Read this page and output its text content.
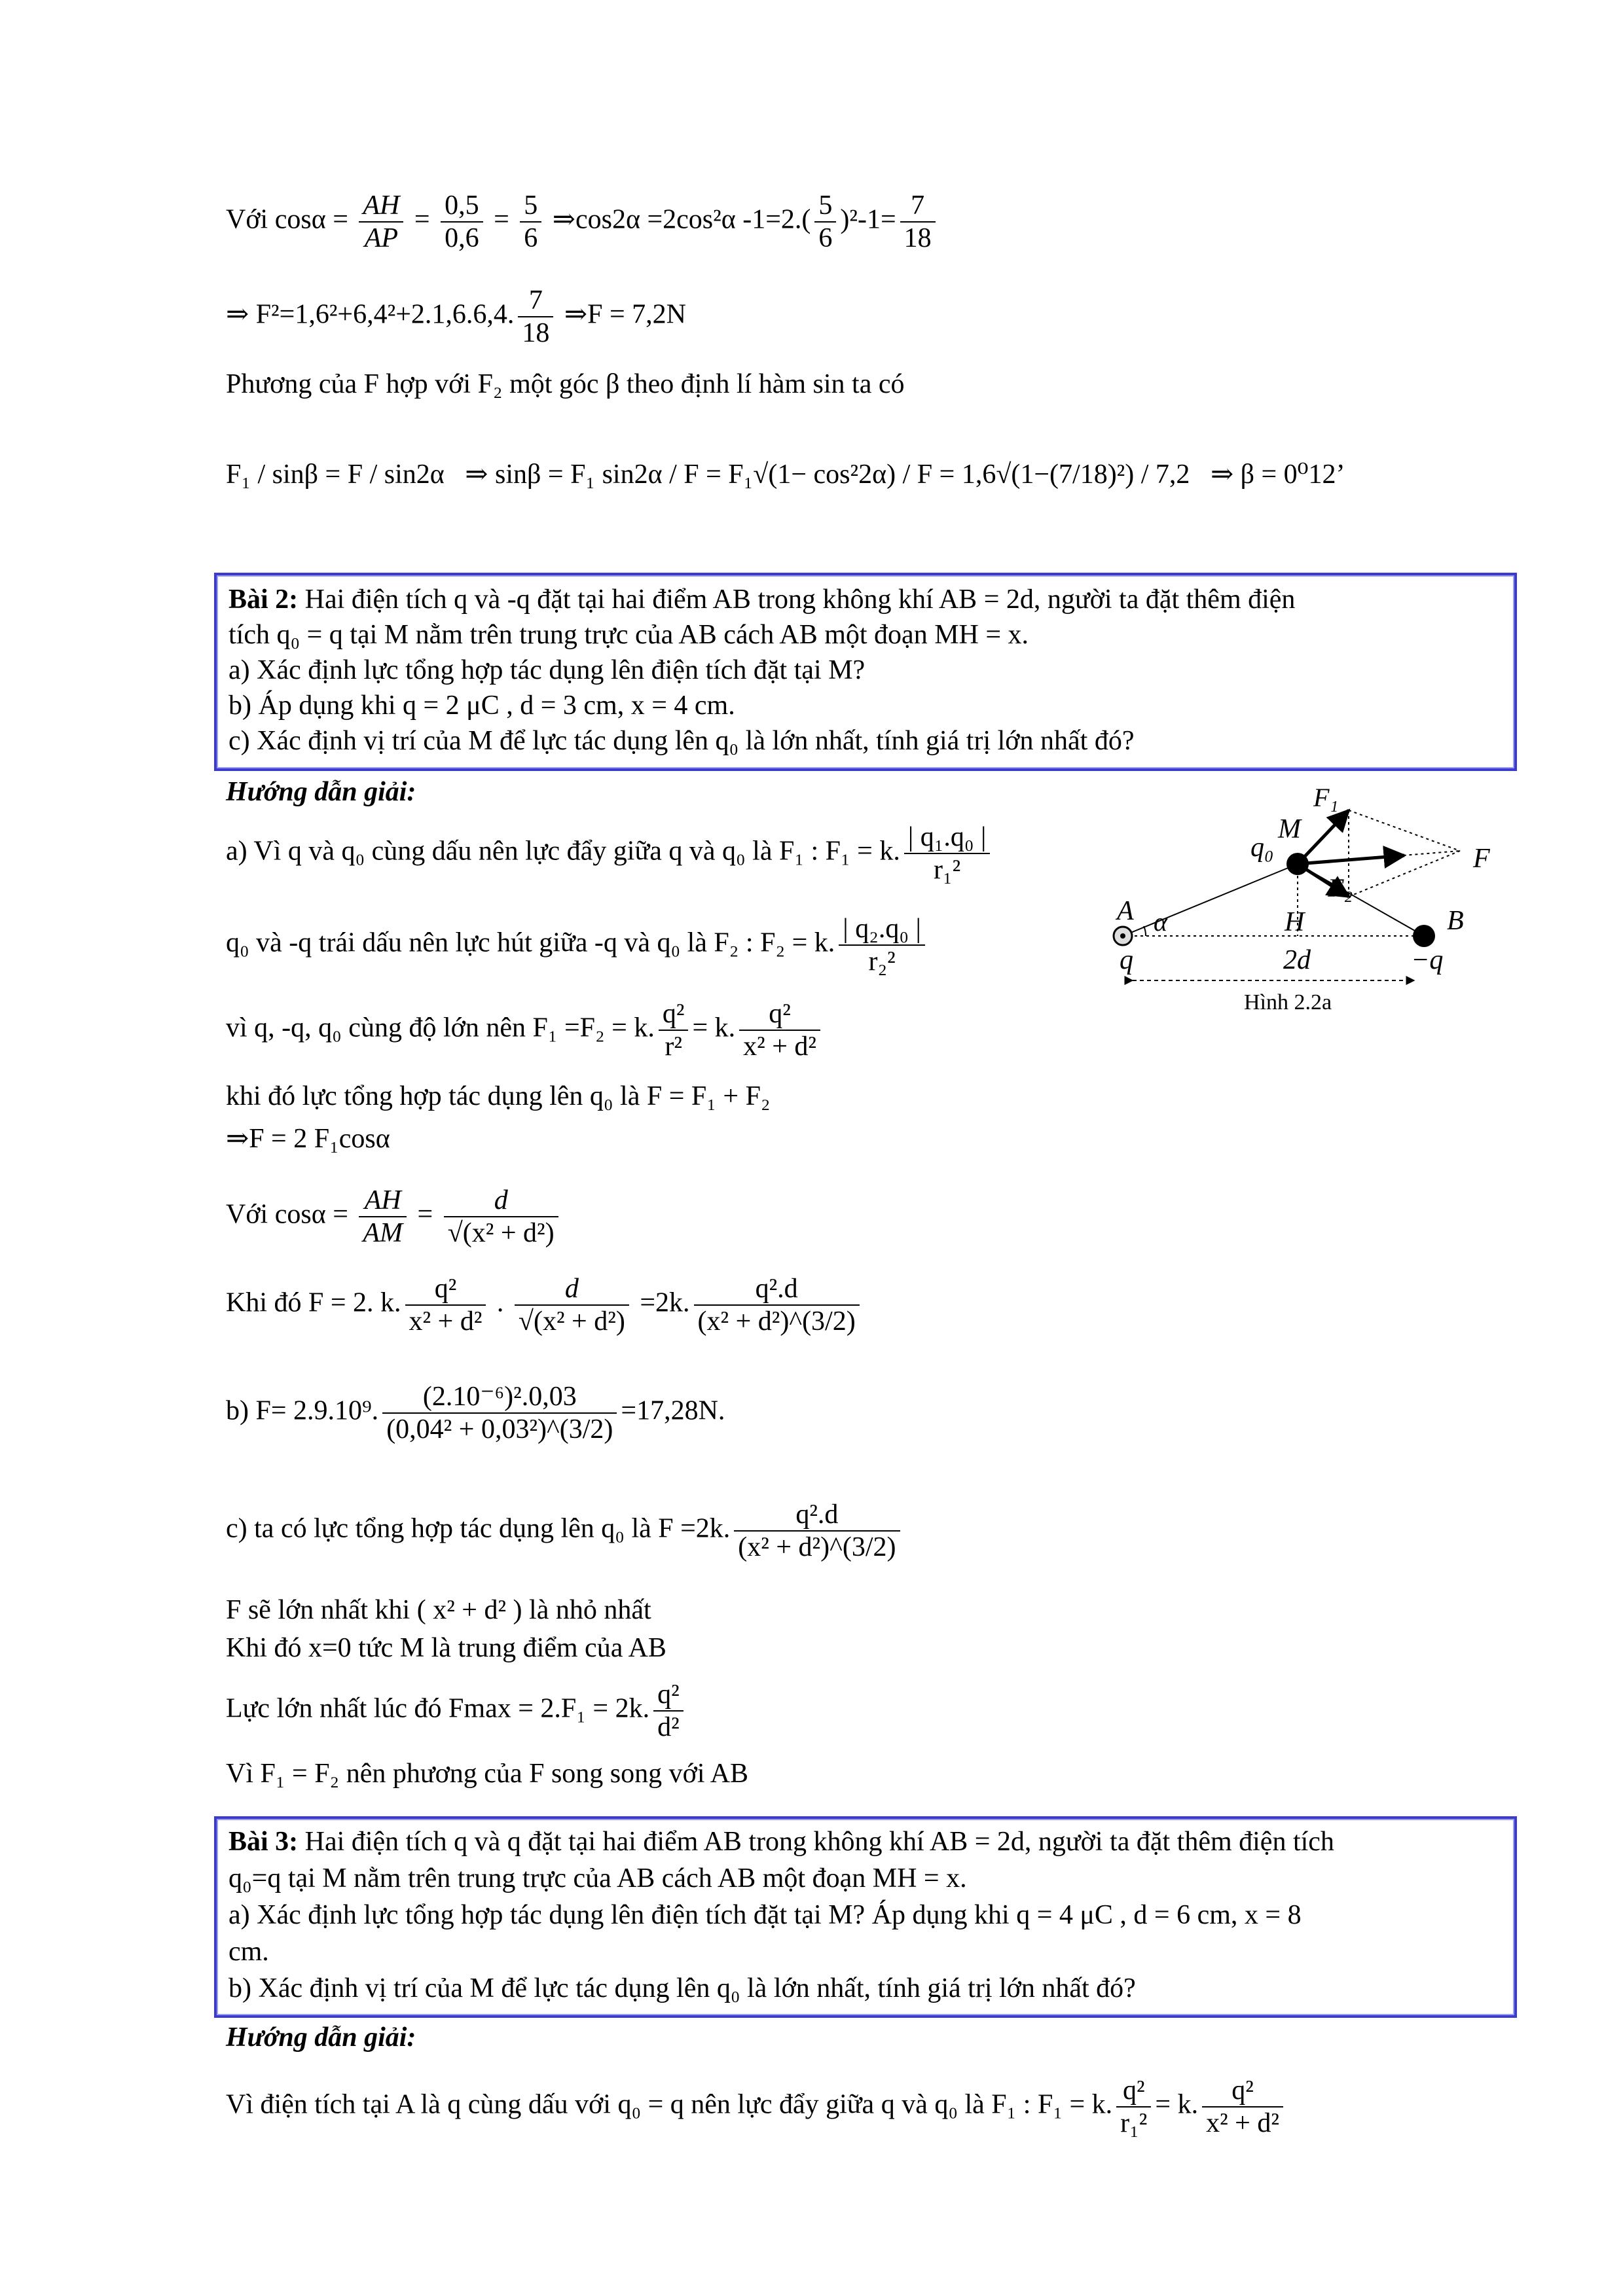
Với $\cos\alpha = \frac{AH}{AP} = \frac{0,5}{0,6} = \frac{5}{6}$ ⇒cos2α =2cos²α $-1=2.( \frac{5}{6} )^2-1= \frac{7}{18}$
⇒ F²=1,6²+6,4²+2.1,6.6,4. $\frac{7}{18}$ ⇒F = 7,2N
Phương của F hợp với F₂ một góc β theo định lí hàm sin ta có
F₁ / sinβ = F / sin2α ⇒ sinβ = F₁ sin2α / F = F₁√(1− cos²2α) / F = 1,6√(1−(7/18)²) / 7,2 ⇒ β = 0⁰12’
Bài 2: Hai điện tích q và -q đặt tại hai điểm AB trong không khí AB = 2d, người ta đặt thêm điện
tích q₀ = q tại M nằm trên trung trực của AB cách AB một đoạn MH = x.
a) Xác định lực tổng hợp tác dụng lên điện tích đặt tại M?
b) Áp dụng khi q = 2 μC , d = 3 cm, x = 4 cm.
c) Xác định vị trí của M để lực tác dụng lên q₀ là lớn nhất, tính giá trị lớn nhất đó?
Hướng dẫn giải:
a) Vì q và q₀ cùng dấu nên lực đẩy giữa q và q₀ là F₁ : F₁ = k. $\frac{\text{| q₁.q₀ |}}{\text{r₁²}}$
q₀ và -q trái dấu nên lực hút giữa -q và q₀ là F₂ : F₂ = k. $\frac{\text{| q₂.q₀ |}}{\text{r₂²}}$
vì q, -q, q₀ cùng độ lớn nên F₁ =F₂ = k. $\frac{\text{q²}}{\text{r²}} = k$. $\frac{\text{q²}}{\text{x² + d²}}$
khi đó lực tổng hợp tác dụng lên q₀ là F = F₁ + F₂
⇒F = 2 F₁cosα
Với $\cos\alpha = \frac{AH}{AM} = \frac{d}{\text{√(x² + d²)}}$
Khi đó F = 2. k. $\frac{\text{q²}}{\text{x² + d²}}$ . $\frac{d}{\text{√(x² + d²)}} =2k$. $\frac{\text{q².d}}{\text{(x² + d²)\textasciicircum{}(3/2)}}$
b) F= 2.9.10⁹. $\frac{\text{(2.10⁻⁶)².0,03}}{\text{(0,04² + 0,03²)\textasciicircum{}(3/2)}} =17,28N$.
c) ta có lực tổng hợp tác dụng lên q₀ là F =2k. $\frac{\text{q².d}}{\text{(x² + d²)\textasciicircum{}(3/2)}}$
F sẽ lớn nhất khi ( x² + d² ) là nhỏ nhất
Khi đó x=0 tức M là trung điểm của AB
Lực lớn nhất lúc đó Fmax = 2.F₁ = 2k. $\frac{\text{q²}}{\text{d²}}$
Vì F₁ = F₂ nên phương của F song song với AB
q₀
M
F₁
F₂
F
A
q
α	H	B
−q
2d
Hình 2.2a
Bài 3: Hai điện tích q và q đặt tại hai điểm AB trong không khí AB = 2d, người ta đặt thêm điện tích
q₀=q tại M nằm trên trung trực của AB cách AB một đoạn MH = x.
a) Xác định lực tổng hợp tác dụng lên điện tích đặt tại M? Áp dụng khi q = 4 μC , d = 6 cm, x = 8
cm.
b) Xác định vị trí của M để lực tác dụng lên q₀ là lớn nhất, tính giá trị lớn nhất đó?
Hướng dẫn giải:
Vì điện tích tại A là q cùng dấu với q₀ = q nên lực đẩy giữa q và q₀ là F₁ : F₁ = k. $\frac{\text{q²}}{\text{r₁²}} = k$. $\frac{\text{q²}}{\text{x² + d²}}$
